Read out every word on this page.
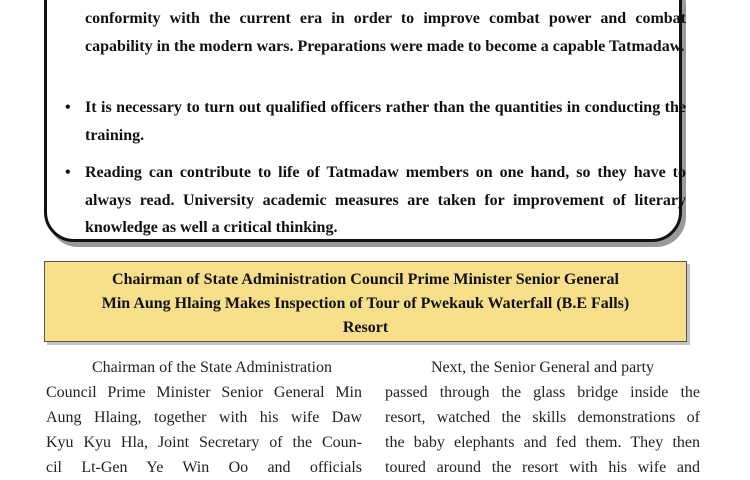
conformity with the current era in order to improve combat power and combat capability in the modern wars. Preparations were made to become a capable Tatmadaw.
• It is necessary to turn out qualified officers rather than the quantities in conducting the training.
• Reading can contribute to life of Tatmadaw members on one hand, so they have to always read. University academic measures are taken for improvement of literary knowledge as well a critical thinking.
Chairman of State Administration Council Prime Minister Senior General
Min Aung Hlaing Makes Inspection of Tour of Pwekauk Waterfall (B.E Falls)
Resort
Chairman of the State Administration
Council Prime Minister Senior General Min
Aung Hlaing, together with his wife Daw
Kyu Kyu Hla, Joint Secretary of the Coun-
cil Lt-Gen Ye Win Oo and officials
Next, the Senior General and party
passed through the glass bridge inside the
resort, watched the skills demonstrations of
the baby elephants and fed them. They then
toured around the resort with his wife and
